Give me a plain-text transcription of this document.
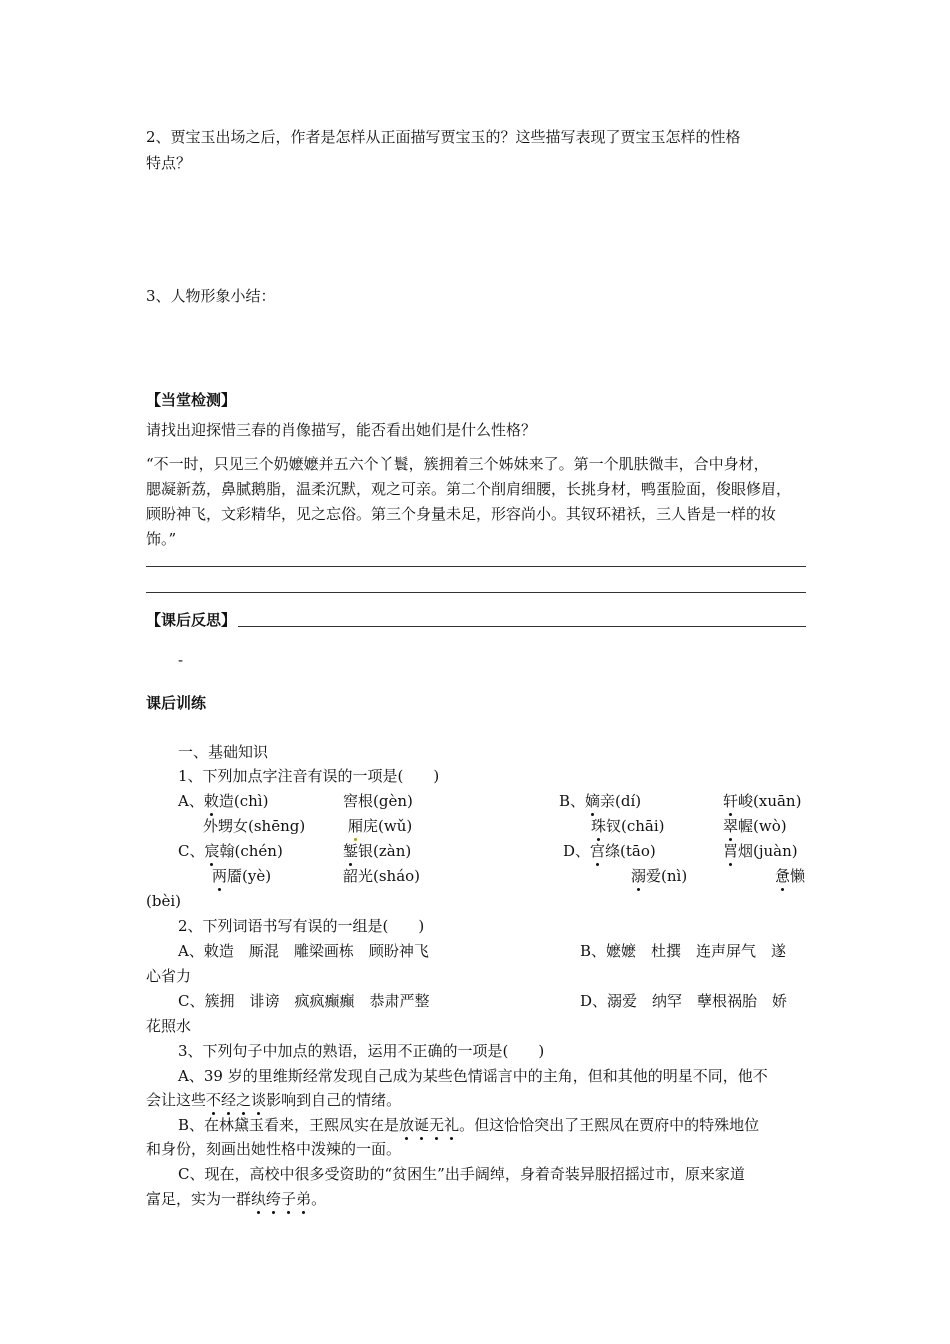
2、贾宝玉出场之后，作者是怎样从正面描写贾宝玉的？这些描写表现了贾宝玉怎样的性格
特点？
3、人物形象小结：
【当堂检测】
请找出迎探惜三春的肖像描写，能否看出她们是什么性格？
“不一时，只见三个奶嬷嬷并五六个丫鬟，簇拥着三个姊妹来了。第一个肌肤微丰，合中身材，
腮凝新荔，鼻腻鹅脂，温柔沉默，观之可亲。第二个削肩细腰，长挑身材，鸭蛋脸面，俊眼修眉，
顾盼神飞，文彩精华，见之忘俗。第三个身量未足，形容尚小。其钗环裙袄，三人皆是一样的妆
饰。”
【课后反思】
-
课后训练
一、基础知识
1、下列加点字注音有误的一项是(　　)
A、敕造(chì)	窖根(gèn)	B、嫡亲(dí)	轩峻(xuān)
外甥女(shēng)	厢庑(wǔ)	珠钗(chāi)	翠幄(wò)
C、宸翰(chén)	錾银(zàn)	D、宫绦(tāo)	罥烟(juàn)
两靥(yè)	韶光(sháo)	溺爱(nì)	惫懒
(bèi)
2、下列词语书写有误的一组是(　　)
A、敕造　厮混　雕梁画栋　顾盼神飞	B、嬷嬷　杜撰　连声屏气　遂
心省力
C、簇拥　诽谤　疯疯癫癫　恭肃严整	D、溺爱　纳罕　孽根祸胎　娇
花照水
3、下列句子中加点的熟语，运用不正确的一项是(　　)
A、39 岁的里维斯经常发现自己成为某些色情谣言中的主角，但和其他的明星不同，他不
会让这些不经之谈影响到自己的情绪。
B、在林黛玉看来，王熙凤实在是放诞无礼。但这恰恰突出了王熙凤在贾府中的特殊地位
和身份，刻画出她性格中泼辣的一面。
C、现在，高校中很多受资助的“贫困生”出手阔绰，身着奇装异服招摇过市，原来家道
富足，实为一群纨绔子弟。
